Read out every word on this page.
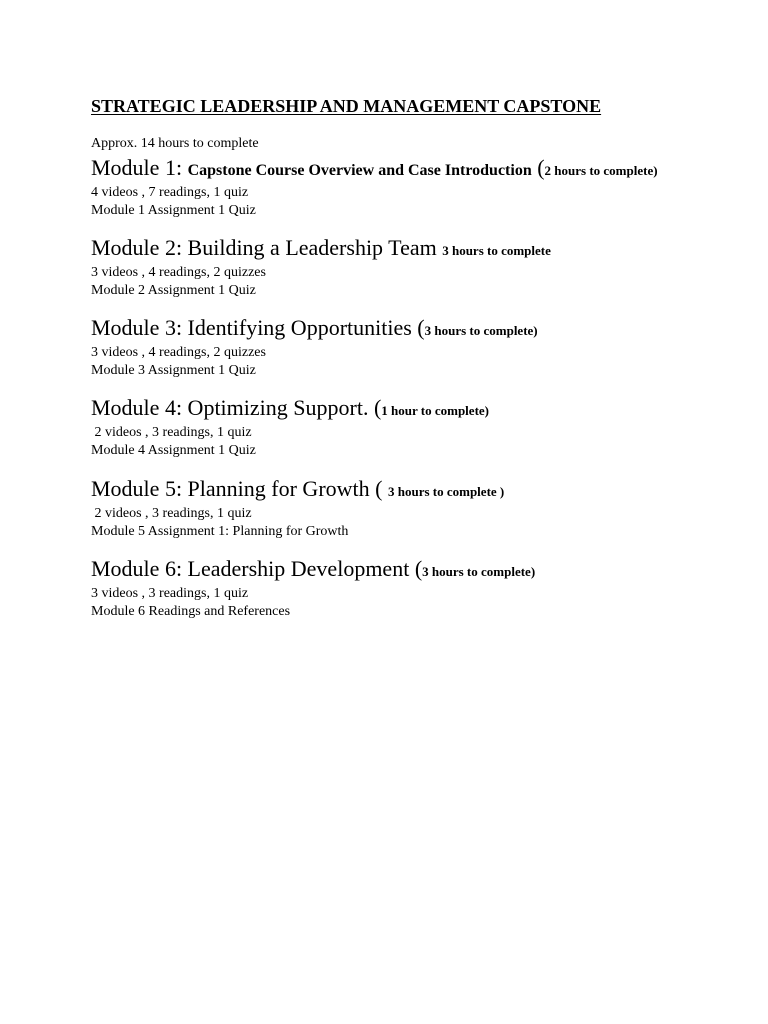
STRATEGIC LEADERSHIP AND MANAGEMENT CAPSTONE
Approx. 14 hours to complete
Module 1: Capstone Course Overview and Case Introduction (2 hours to complete)
4 videos , 7 readings, 1 quiz
Module 1 Assignment 1 Quiz
Module 2: Building a Leadership Team 3 hours to complete
3 videos , 4 readings, 2 quizzes
Module 2 Assignment 1 Quiz
Module 3: Identifying Opportunities (3 hours to complete)
3 videos , 4 readings, 2 quizzes
Module 3 Assignment 1 Quiz
Module 4: Optimizing Support. (1 hour to complete)
2 videos , 3 readings, 1 quiz
Module 4 Assignment 1 Quiz
Module 5: Planning for Growth ( 3 hours to complete )
2 videos , 3 readings, 1 quiz
Module 5 Assignment 1: Planning for Growth
Module 6: Leadership Development (3 hours to complete)
3 videos , 3 readings, 1 quiz
Module 6 Readings and References
